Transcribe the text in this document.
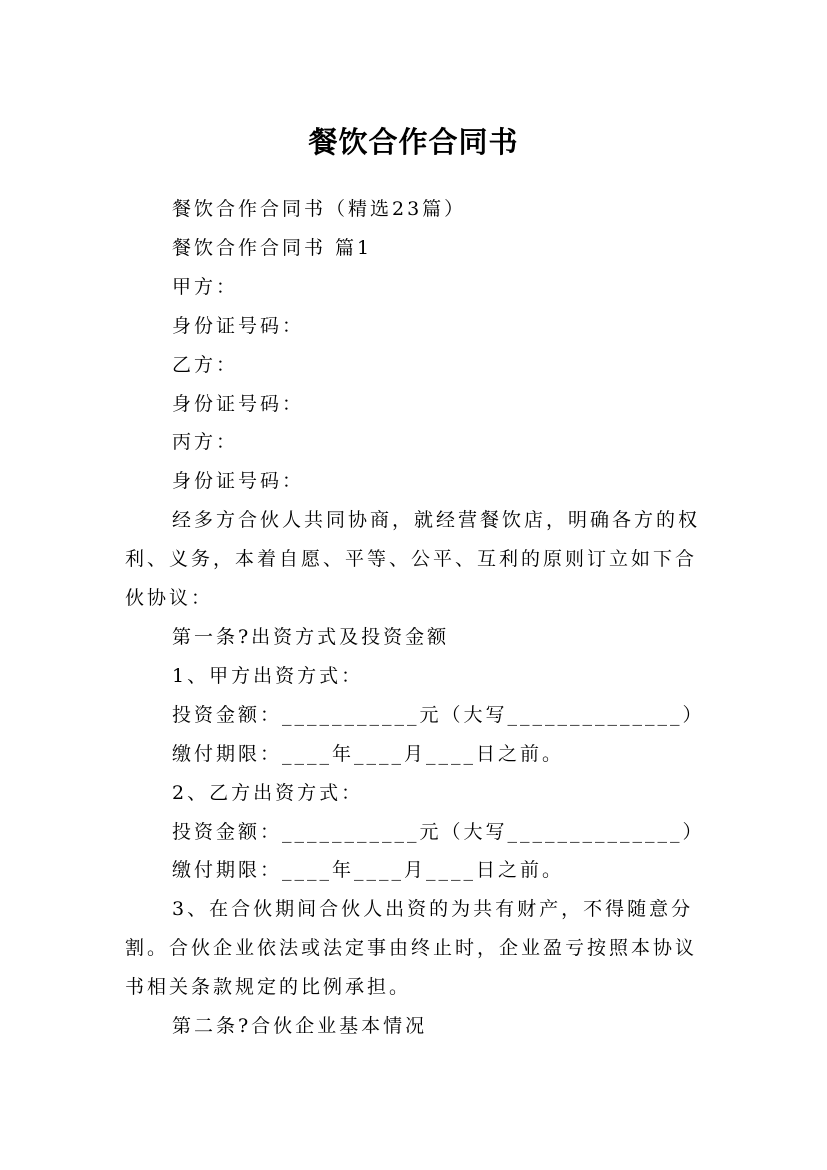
餐饮合作合同书

餐饮合作合同书（精选23篇）

餐饮合作合同书 篇1

甲方：

身份证号码：

乙方：

身份证号码：

丙方：

身份证号码：

经多方合伙人共同协商，就经营餐饮店，明确各方的权利、义务，本着自愿、平等、公平、互利的原则订立如下合伙协议：

第一条?出资方式及投资金额

1、甲方出资方式：

投资金额：___________元（大写______________）

缴付期限：____年____月____日之前。

2、乙方出资方式：

投资金额：___________元（大写______________）

缴付期限：____年____月____日之前。

3、在合伙期间合伙人出资的为共有财产，不得随意分割。合伙企业依法或法定事由终止时，企业盈亏按照本协议书相关条款规定的比例承担。

第二条?合伙企业基本情况
